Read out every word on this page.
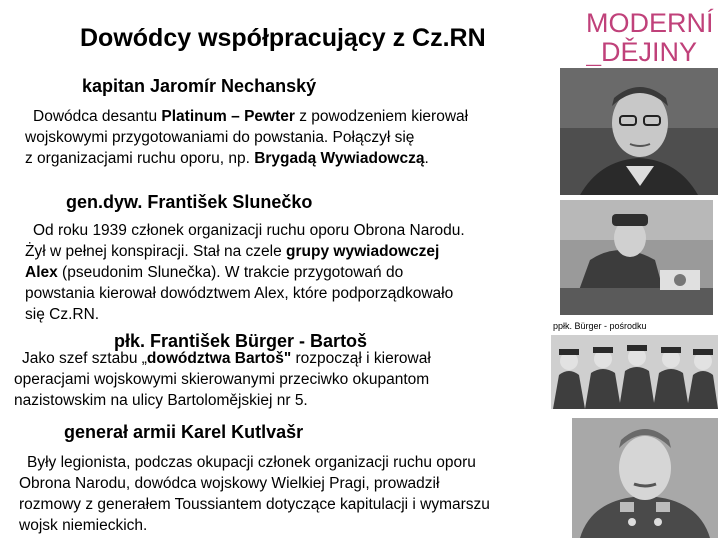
Dowódcy współpracujący z Cz.RN	MODERNÍ
_DĚJINY
kapitan Jaromír Nechanský
Dowódca desantu Platinum – Pewter z powodzeniem kierował
wojskowymi przygotowaniami do powstania. Połączył się
z organizacjami ruchu oporu, np. Brygadą Wywiadowczą.
gen.dyw. František Slunečko
Od roku 1939 członek organizacji ruchu oporu Obrona Narodu.
Żył w pełnej konspiracji. Stał na czele grupy wywiadowczej
Alex (pseudonim Slunečka). W trakcie przygotowań do
powstania kierował dowództwem Alex, które podporządkowało
się Cz.RN.
płk. František Bürger - Bartoš
Jako szef sztabu „dowództwa Bartoš" rozpoczął i kierował
operacjami wojskowymi skierowanymi przeciwko okupantom
nazistowskim na ulicy Bartolomějskiej nr 5.
generał armii Karel Kutlvašr
Były legionista, podczas okupacji członek organizacji ruchu oporu
Obrona Narodu, dowódca wojskowy Wielkiej Pragi, prowadził
rozmowy z generałem Toussiantem dotyczące kapitulacji i wymarszu
wojsk niemieckich.
ppłk. Bürger - pośrodku
